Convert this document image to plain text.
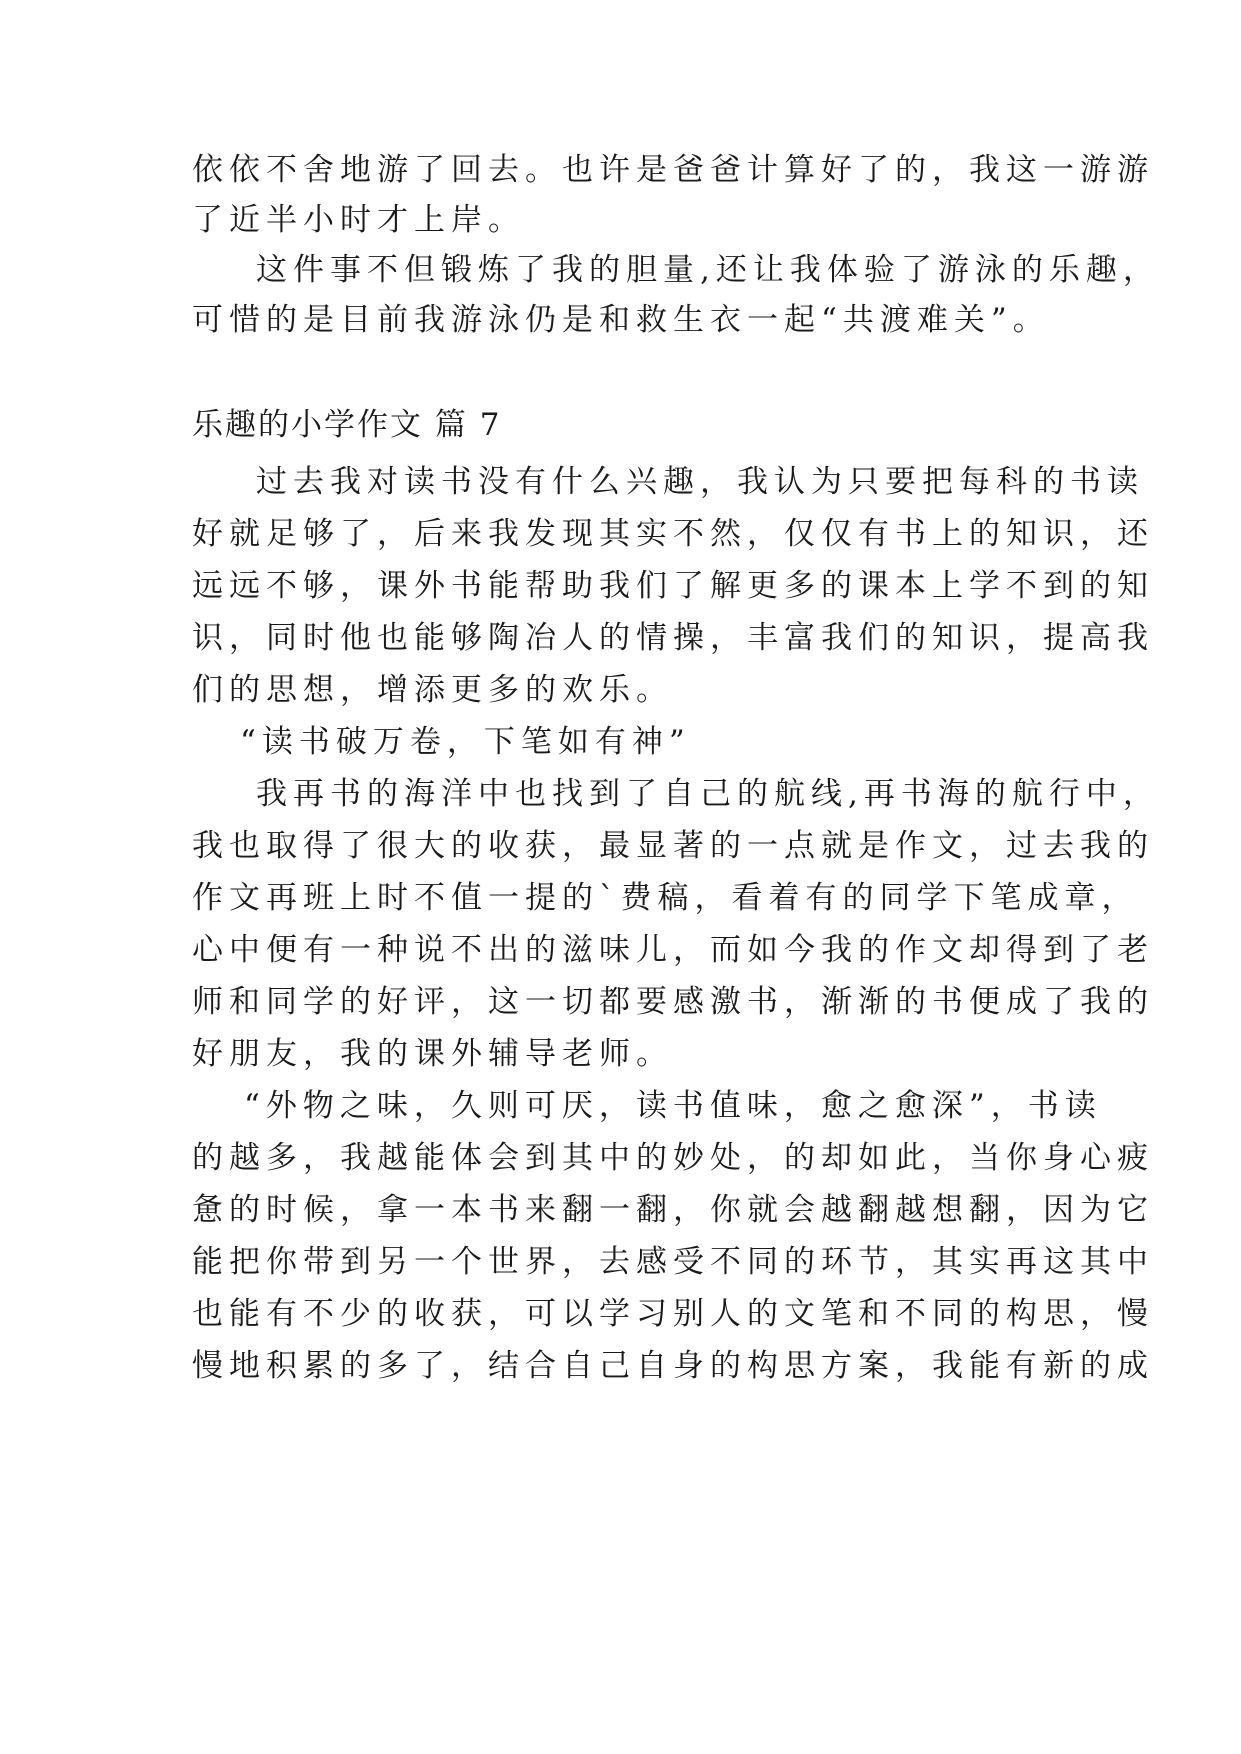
依依不舍地游了回去。也许是爸爸计算好了的，我这一游游
了近半小时才上岸。
这件事不但锻炼了我的胆量,还让我体验了游泳的乐趣，
可惜的是目前我游泳仍是和救生衣一起“共渡难关”。
乐趣的小学作文 篇 7
过去我对读书没有什么兴趣，我认为只要把每科的书读
好就足够了，后来我发现其实不然，仅仅有书上的知识，还
远远不够，课外书能帮助我们了解更多的课本上学不到的知
识，同时他也能够陶冶人的情操，丰富我们的知识，提高我
们的思想，增添更多的欢乐。
“读书破万卷，下笔如有神”
我再书的海洋中也找到了自己的航线,再书海的航行中，
我也取得了很大的收获，最显著的一点就是作文，过去我的
作文再班上时不值一提的`费稿，看着有的同学下笔成章，
心中便有一种说不出的滋味儿，而如今我的作文却得到了老
师和同学的好评，这一切都要感激书，渐渐的书便成了我的
好朋友，我的课外辅导老师。
“外物之味，久则可厌，读书值味，愈之愈深”，书读
的越多，我越能体会到其中的妙处，的却如此，当你身心疲
惫的时候，拿一本书来翻一翻，你就会越翻越想翻，因为它
能把你带到另一个世界，去感受不同的环节，其实再这其中
也能有不少的收获，可以学习别人的文笔和不同的构思，慢
慢地积累的多了，结合自己自身的构思方案，我能有新的成
